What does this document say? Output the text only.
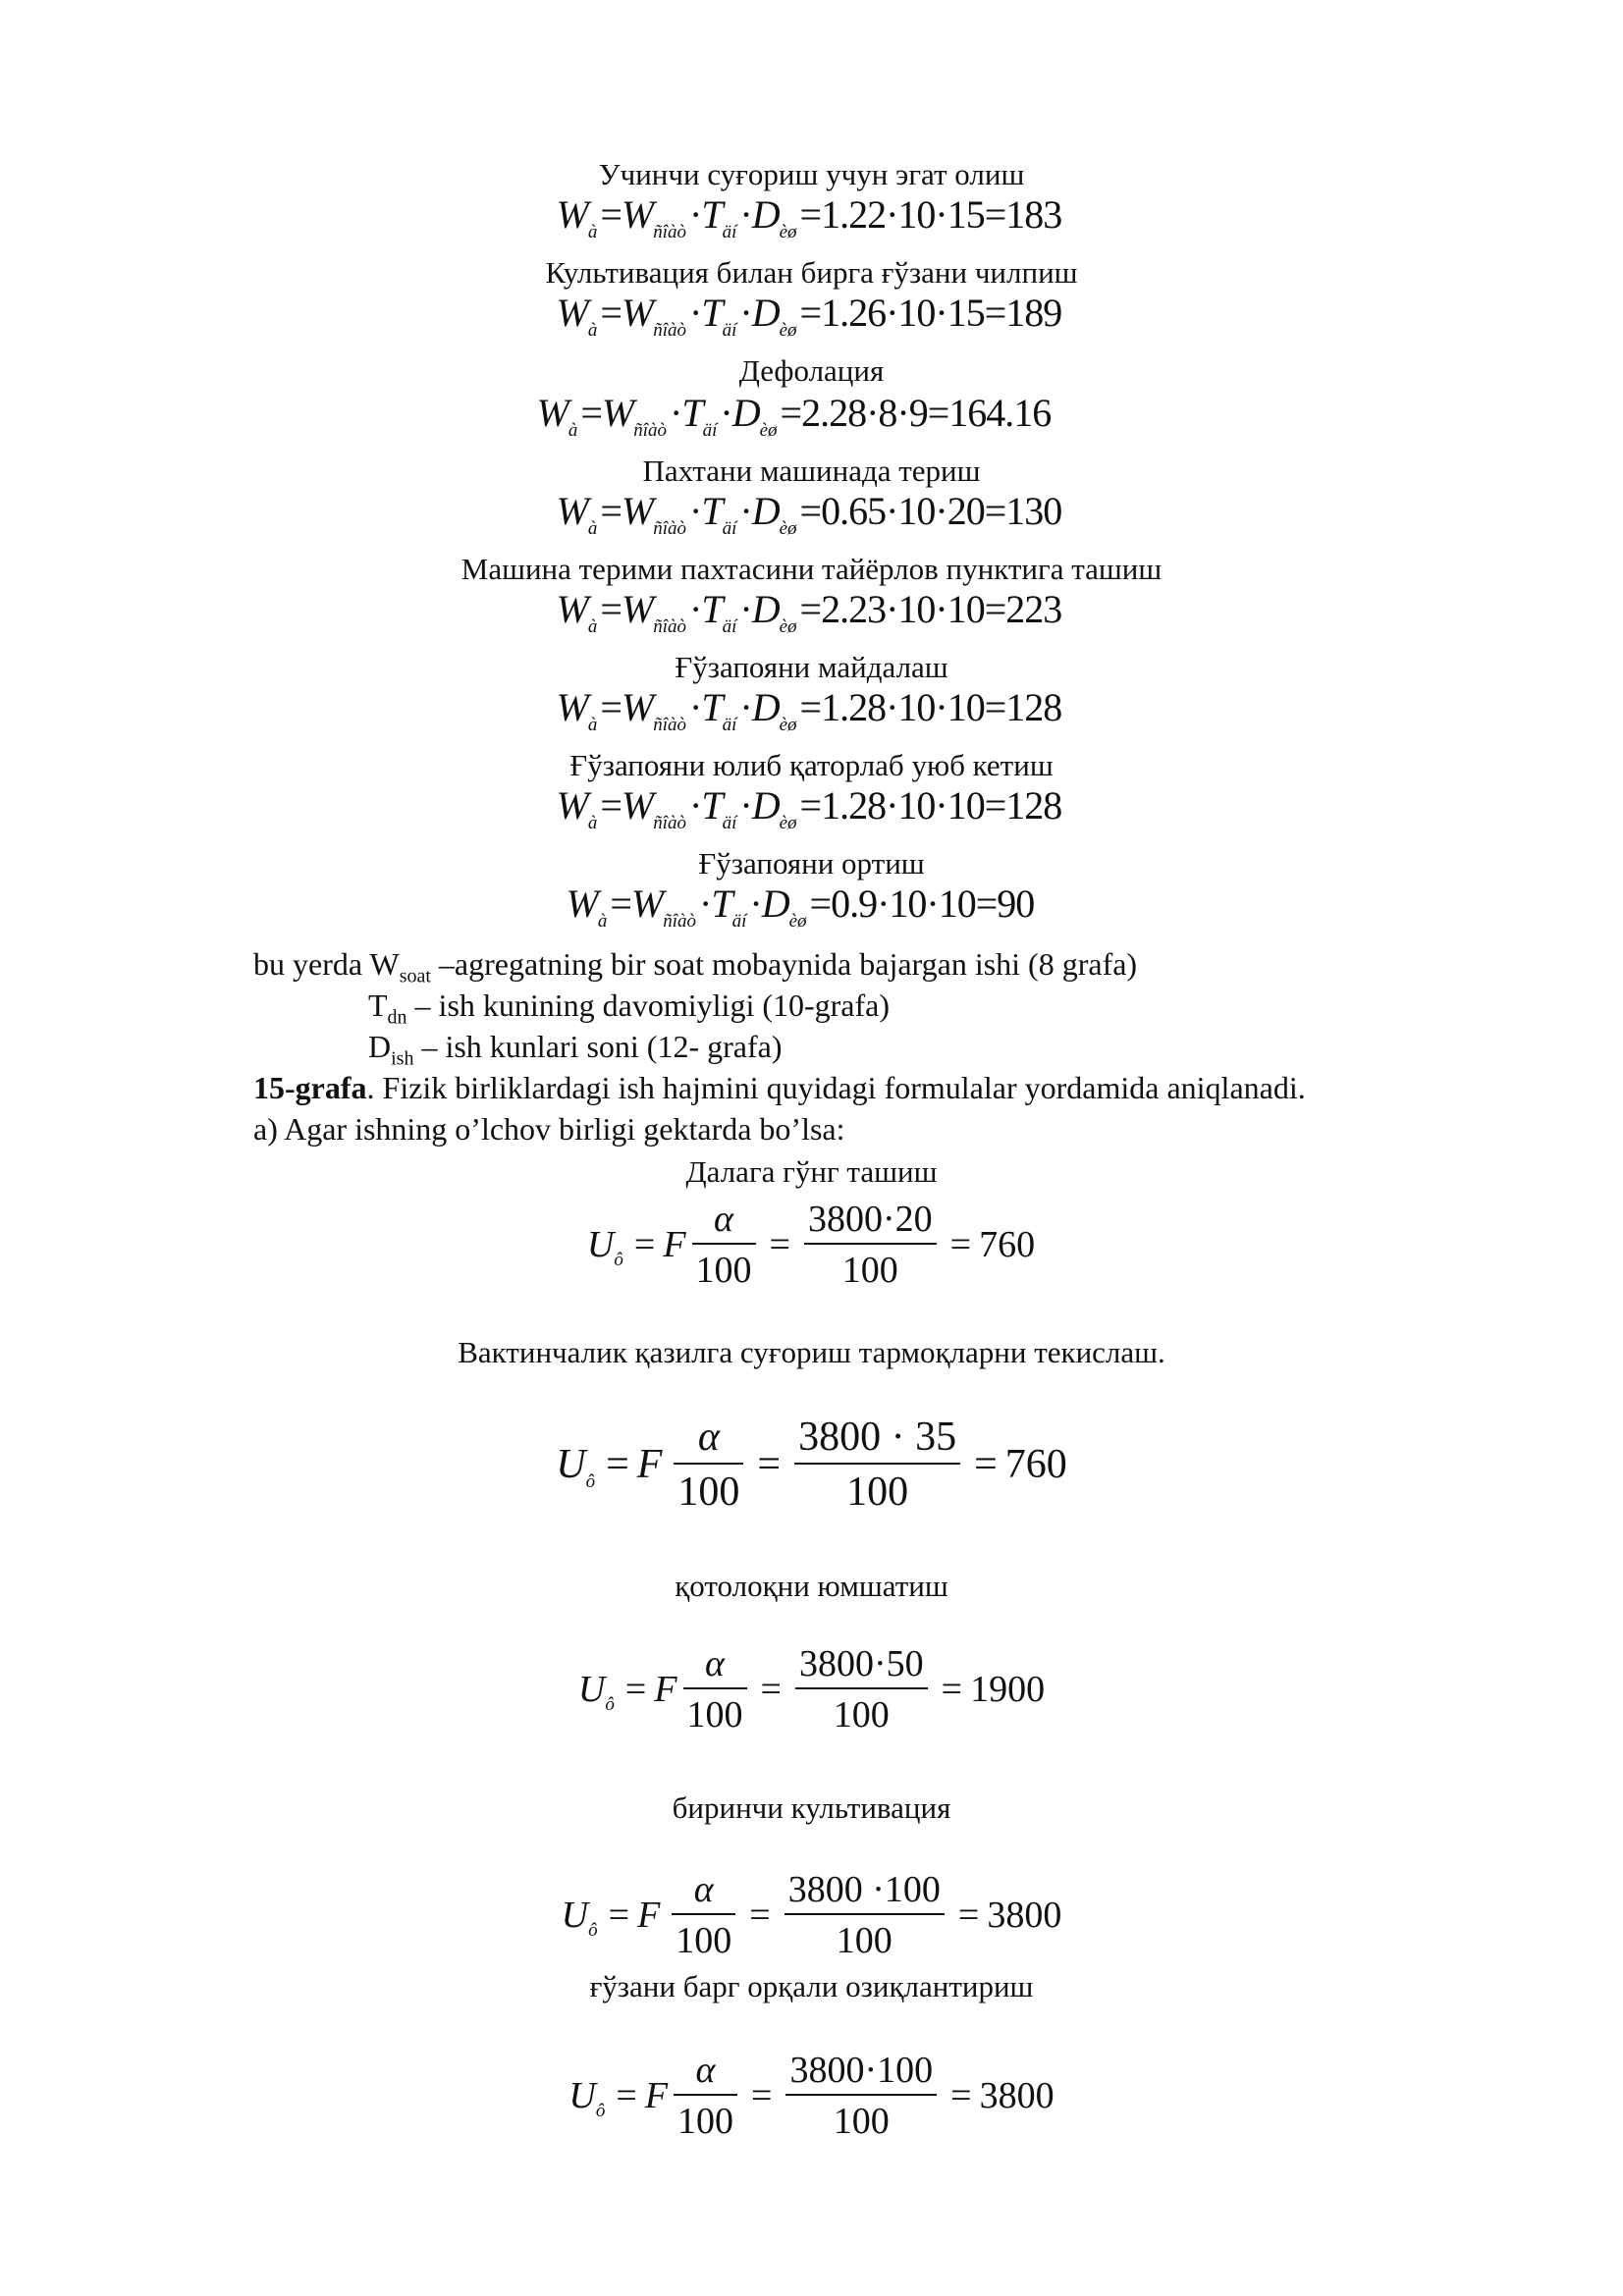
Учинчи суғориш учун эгат олиш
$W_à=W_{ñîàò}\cdot T_{äí}\cdot D_{èø}=1.22\cdot 10\cdot 15=183$
Культивация билан бирга ғўзани чилпиш
$W_à=W_{ñîàò}\cdot T_{äí}\cdot D_{èø}=1.26\cdot 10\cdot 15=189$
Дефолация
$W_à=W_{ñîàò}\cdot T_{äí}\cdot D_{èø}=2.28\cdot 8\cdot 9=164.16$
Пахтани машинада териш
$W_à=W_{ñîàò}\cdot T_{äí}\cdot D_{èø}=0.65\cdot 10\cdot 20=130$
Машина терими пахтасини тайёрлов пунктига ташиш
$W_à=W_{ñîàò}\cdot T_{äí}\cdot D_{èø}=2.23\cdot 10\cdot 10=223$
Ғўзапояни майдалаш
$W_à=W_{ñîàò}\cdot T_{äí}\cdot D_{èø}=1.28\cdot 10\cdot 10=128$
Ғўзапояни юлиб қаторлаб уюб кетиш
$W_à=W_{ñîàò}\cdot T_{äí}\cdot D_{èø}=1.28\cdot 10\cdot 10=128$
Ғўзапояни ортиш
$W_à=W_{ñîàò}\cdot T_{äí}\cdot D_{èø}=0.9\cdot 10\cdot 10=90$
bu yerda $W_{soat}$ –agregatning bir soat mobaynida bajargan ishi (8 grafa)
$T_{dn}$ – ish kunining davomiyligi (10-grafa)
$D_{ish}$ – ish kunlari soni (12- grafa)
15-grafa. Fizik birliklardagi ish hajmini quyidagi formulalar yordamida aniqlanadi.
a) Agar ishning o’lchov birligi gektarda bo’lsa:
Далага гўнг ташиш
U ô = F $\frac{\alpha}{100} = \frac{3800\cdot 20}{100} = 760$
Вактинчалик қазилга суғориш тармоқларни текислаш.
U ô = F $\frac{\alpha}{100} = \frac{3800 \cdot 35}{100} = 760$
қотолоқни юмшатиш
U ô = F $\frac{\alpha}{100} = \frac{3800\cdot 50}{100} = 1900$
биринчи культивация
U ô = F $\frac{\alpha}{100} = \frac{3800 \cdot 100}{100} = 3800$
ғўзани барг орқали озиқлантириш
U ô = F $\frac{\alpha}{100} = \frac{3800\cdot 100}{100} = 3800$
